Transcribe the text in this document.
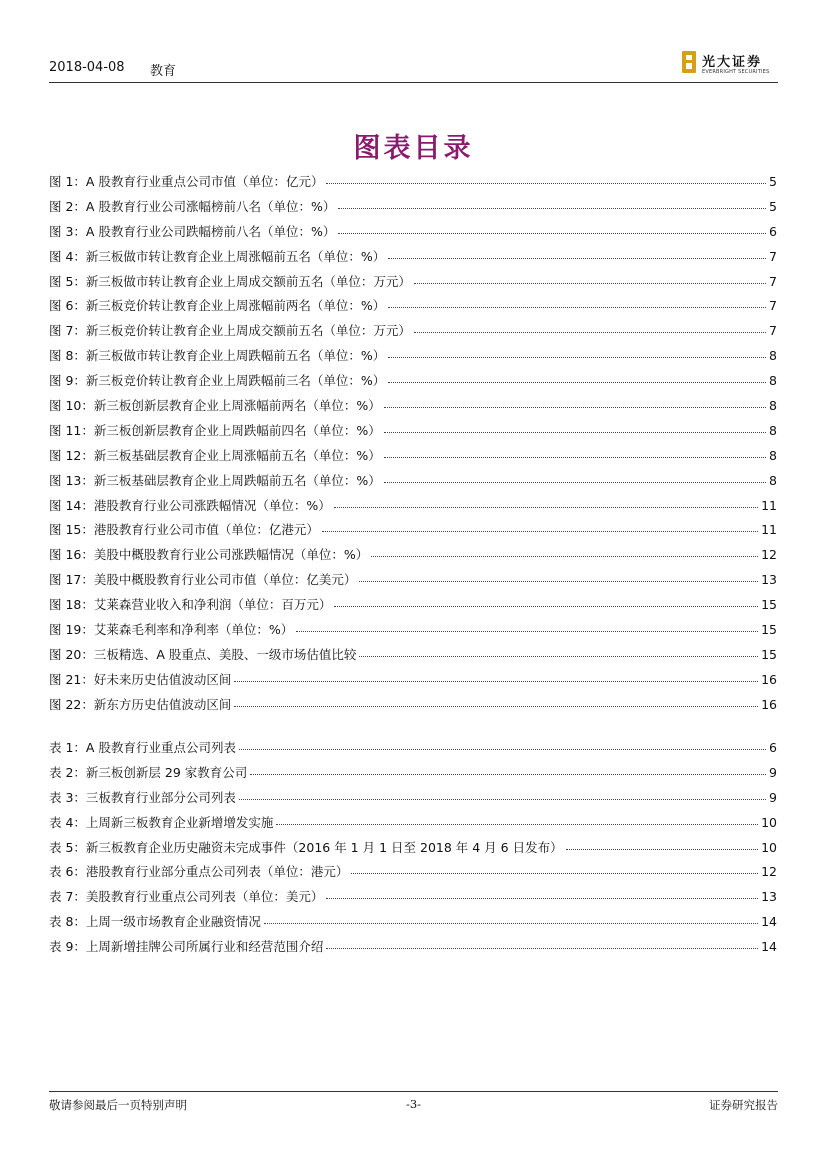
2018-04-08 教育
光大证券
EVERBRIGHT SECURITIES
图表目录
图 1：A 股教育行业重点公司市值（单位：亿元）	5
图 2：A 股教育行业公司涨幅榜前八名（单位：%）	5
图 3：A 股教育行业公司跌幅榜前八名（单位：%）	6
图 4：新三板做市转让教育企业上周涨幅前五名（单位：%）	7
图 5：新三板做市转让教育企业上周成交额前五名（单位：万元）	7
图 6：新三板竞价转让教育企业上周涨幅前两名（单位：%）	7
图 7：新三板竞价转让教育企业上周成交额前五名（单位：万元）	7
图 8：新三板做市转让教育企业上周跌幅前五名（单位：%）	8
图 9：新三板竞价转让教育企业上周跌幅前三名（单位：%）	8
图 10：新三板创新层教育企业上周涨幅前两名（单位：%）	8
图 11：新三板创新层教育企业上周跌幅前四名（单位：%）	8
图 12：新三板基础层教育企业上周涨幅前五名（单位：%）	8
图 13：新三板基础层教育企业上周跌幅前五名（单位：%）	8
图 14：港股教育行业公司涨跌幅情况（单位：%）	11
图 15：港股教育行业公司市值（单位：亿港元）	11
图 16：美股中概股教育行业公司涨跌幅情况（单位：%）	12
图 17：美股中概股教育行业公司市值（单位：亿美元）	13
图 18：艾莱森营业收入和净利润（单位：百万元）	15
图 19：艾莱森毛利率和净利率（单位：%）	15
图 20：三板精选、A 股重点、美股、一级市场估值比较	15
图 21：好未来历史估值波动区间	16
图 22：新东方历史估值波动区间	16
表 1：A 股教育行业重点公司列表	6
表 2：新三板创新层 29 家教育公司	9
表 3：三板教育行业部分公司列表	9
表 4：上周新三板教育企业新增增发实施	10
表 5：新三板教育企业历史融资未完成事件（2016 年 1 月 1 日至 2018 年 4 月 6 日发布）	10
表 6：港股教育行业部分重点公司列表（单位：港元）	12
表 7：美股教育行业重点公司列表（单位：美元）	13
表 8：上周一级市场教育企业融资情况	14
表 9：上周新增挂牌公司所属行业和经营范围介绍	14
敬请参阅最后一页特别声明	-3-	证券研究报告
